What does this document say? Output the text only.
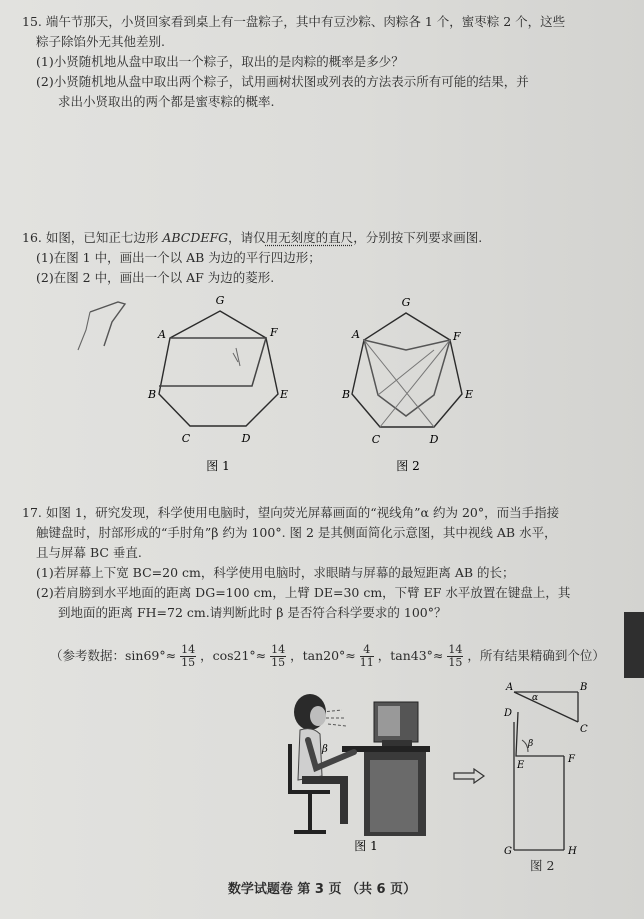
15. 端午节那天，小贤回家看到桌上有一盘粽子，其中有豆沙粽、肉粽各 1 个，蜜枣粽 2 个，这些
粽子除馅外无其他差别.
(1)小贤随机地从盘中取出一个粽子，取出的是肉粽的概率是多少？
(2)小贤随机地从盘中取出两个粽子，试用画树状图或列表的方法表示所有可能的结果，并
求出小贤取出的两个都是蜜枣粽的概率.
16. 如图，已知正七边形 ABCDEFG，请仅用无刻度的直尺，分别按下列要求画图.
(1)在图 1 中，画出一个以 AB 为边的平行四边形；
(2)在图 2 中，画出一个以 AF 为边的菱形.
G
F
E
D
C
B
A
图 1
G
F
E
D
C
B
A
图 2
17. 如图 1，研究发现，科学使用电脑时，望向荧光屏幕画面的“视线角”α 约为 20°，而当手指接
触键盘时，肘部形成的“手肘角”β 约为 100°. 图 2 是其侧面简化示意图，其中视线 AB 水平，
且与屏幕 BC 垂直.
(1)若屏幕上下宽 BC=20 cm，科学使用电脑时，求眼睛与屏幕的最短距离 AB 的长；
(2)若肩膀到水平地面的距离 DG=100 cm，上臂 DE=30 cm，下臂 EF 水平放置在键盘上，其
到地面的距离 FH=72 cm.请判断此时 β 是否符合科学要求的 100°？
（参考数据：$\sin 69^\circ\approx \frac{14}{15}$ ，$\cos 21^\circ\approx \frac{14}{15}$ ，$\tan 20^\circ\approx \frac{4}{11}$ ，$\tan 43^\circ\approx \frac{14}{15}$ ，所有结果精确到个位）
β
图 1
A	B
C
D
E
F
G	H
α
β
图 2
数学试题卷 第 3 页 （共 6 页）
